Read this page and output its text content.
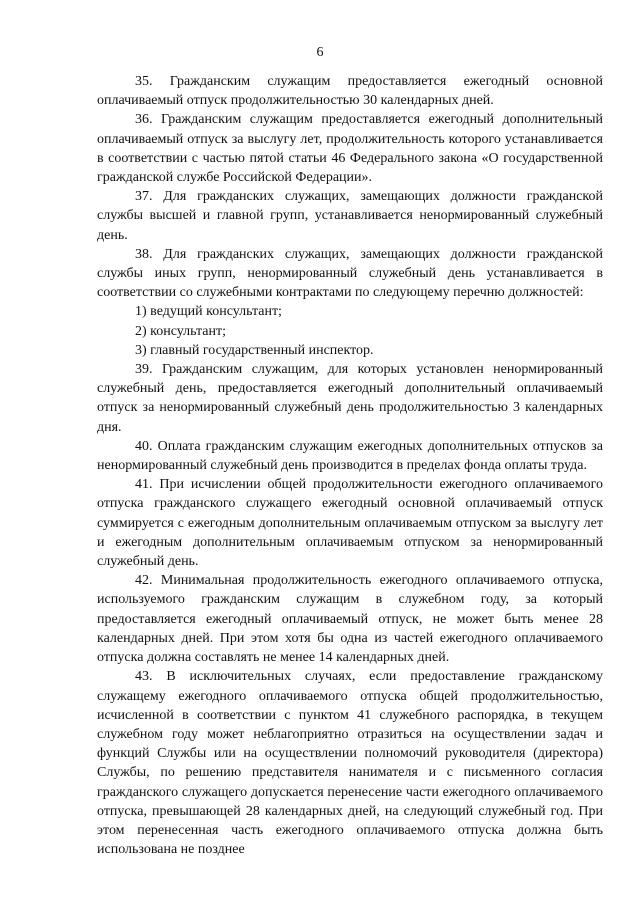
6

35. Гражданским служащим предоставляется ежегодный основной оплачиваемый отпуск продолжительностью 30 календарных дней.

36. Гражданским служащим предоставляется ежегодный дополнительный оплачиваемый отпуск за выслугу лет, продолжительность которого устанавливается в соответствии с частью пятой статьи 46 Федерального закона «О государственной гражданской службе Российской Федерации».

37. Для гражданских служащих, замещающих должности гражданской службы высшей и главной групп, устанавливается ненормированный служебный день.

38. Для гражданских служащих, замещающих должности гражданской службы иных групп, ненормированный служебный день устанавливается в соответствии со служебными контрактами по следующему перечню должностей:

1) ведущий консультант;

2) консультант;

3) главный государственный инспектор.

39. Гражданским служащим, для которых установлен ненормированный служебный день, предоставляется ежегодный дополнительный оплачиваемый отпуск за ненормированный служебный день продолжительностью 3 календарных дня.

40. Оплата гражданским служащим ежегодных дополнительных отпусков за ненормированный служебный день производится в пределах фонда оплаты труда.

41. При исчислении общей продолжительности ежегодного оплачиваемого отпуска гражданского служащего ежегодный основной оплачиваемый отпуск суммируется с ежегодным дополнительным оплачиваемым отпуском за выслугу лет и ежегодным дополнительным оплачиваемым отпуском за ненормированный служебный день.

42. Минимальная продолжительность ежегодного оплачиваемого отпуска, используемого гражданским служащим в служебном году, за который предоставляется ежегодный оплачиваемый отпуск, не может быть менее 28 календарных дней. При этом хотя бы одна из частей ежегодного оплачиваемого отпуска должна составлять не менее 14 календарных дней.

43. В исключительных случаях, если предоставление гражданскому служащему ежегодного оплачиваемого отпуска общей продолжительностью, исчисленной в соответствии с пунктом 41 служебного распорядка, в текущем служебном году может неблагоприятно отразиться на осуществлении задач и функций Службы или на осуществлении полномочий руководителя (директора) Службы, по решению представителя нанимателя и с письменного согласия гражданского служащего допускается перенесение части ежегодного оплачиваемого отпуска, превышающей 28 календарных дней, на следующий служебный год. При этом перенесенная часть ежегодного оплачиваемого отпуска должна быть использована не позднее
